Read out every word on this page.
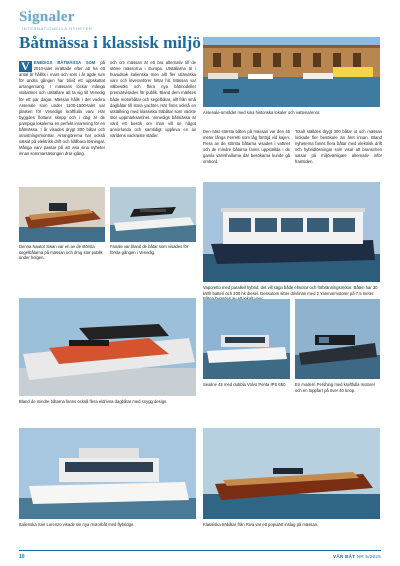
Signaler
INTERNATIONELLA NYHETER
Båtmässa i klassisk miljö
V ENEDIGS BÅTMÄSSA SOM på 2010-talet inrättade efter att ha ett antal år hållits i mars och som i år ägde rum för andra gången har blivit ett uppskattat arrangemang. I mässans lockar många visitatörer och utställare att ta sig till Venedig för ett par dagar. Mässan hålls i det vackra Arsenale som under 1100-1500-talet var platsen för Venedigs kraftfulla varv. Här byggdes flottans skepp och i dag är de pampiga lokalerna en perfekt inramning för en båtmässa. I år visades drygt 300 båtar och utrustningsmontrar. Arrangörerna har också satsat på elektrisk drift och hållbara lösningar. Många varv passar på att visa sina nyheter innan sommarsäsongen drar igång.
och om mässan är ett bra alternativ till de större mässorna i Europa. Utställarna är i huvudsak italienska men allt fler utländska varv och leverantörer hittar hit. Mässan var välbesökt och flera nya båtmodeller premiärvisades för publik. Bland dem märktes både motorbåtar och segelbåtar, allt från små dagbåtar till stora yachter. Här finns också en utställning med klassiska träbåtar som väckte stor uppmärksamhet. Venedigs båtmässa är värd ett besök om man vill se något annorlunda och samtidigt uppleva en av världens vackraste städer.
Arsenale-området med sina historiska lokaler och vattenarenor.
Den näst största båten på mässan var den 45 meter långa Ferretti som låg förtöjd vid kajen. Flera av de största båtarna visades i vattnet och de mindre båtarna fanns uppställda i de gamla varvshallarna där besökarna kunde gå ombord.
Totalt ställdes drygt 300 båtar ut och mässan lockade fler besökare än året innan. Bland nyheterna fanns flera båtar med elektrisk drift och hybridlösningar som visar att branschen satsar på miljövänligare alternativ inför framtiden.
Denna Nautor Swan var en av de största segelbåtarna på mässan och drog stor publik under helgen.
Fanale var bland de båtar som visades för första gången i Venedig.
Vaporetto med parallell hybrid, det vill säga både elmotor och förbränningsmotor. Båten har 30 kWh batteri och 200 hk diesel. Dessutom sitter drivlinan med 2 Yanmarmotorer på 7,5 meter.
Bland de mindre båtarna fanns också flera eldrivna dagbåtar med snygg design.
Sealine 45 med dubbla Volvo Penta IPS 650.	En modern Pershing med kraftfulla motorer och en toppfart på över 40 knop.
Italienska San Lorenzo visade sin nya motorbåt med flybridge.	Klassiska träbåtar från Riva var ett populärt inslag på mässan.
10	VÅR BÅT NR 5/2025
